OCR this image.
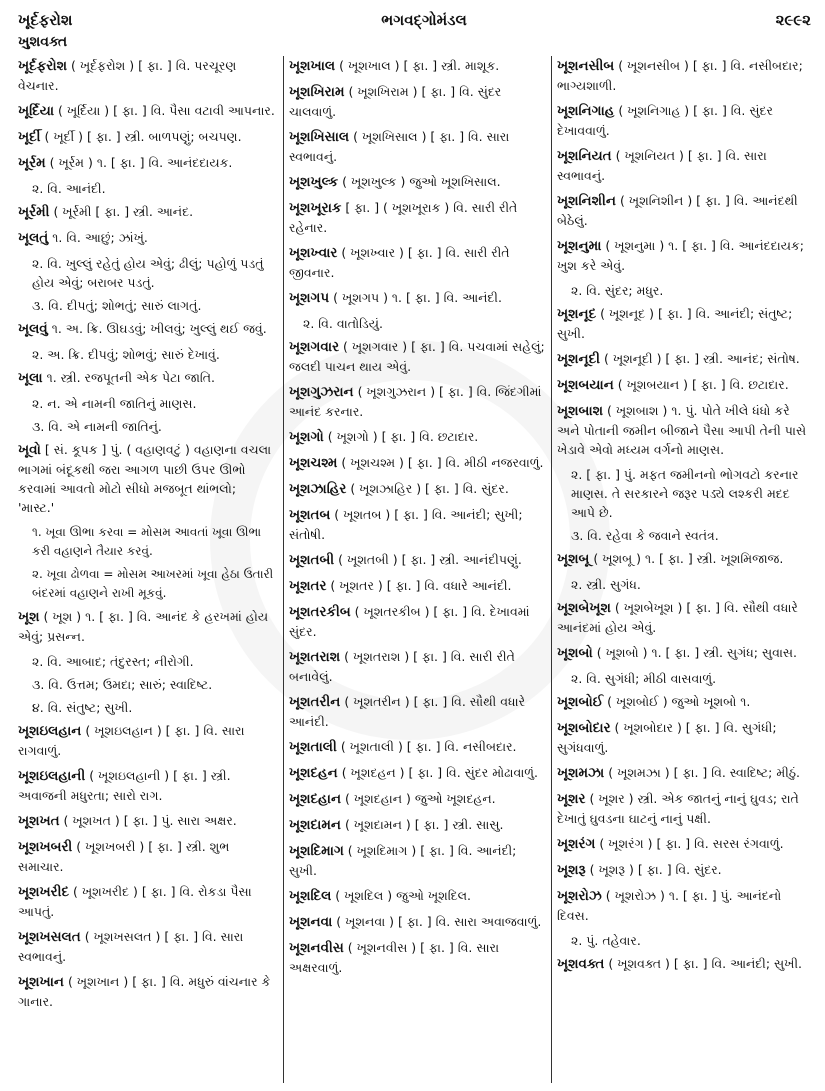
ખૂર્દફરોશ	ભગવદ્ગોમંડલ	૨૯૯૨
ખુશવક્ત
ખૂર્દફરોશ ( ખૂર્દફરોશ ) [ ફા. ] વિ. પરચૂરણ વેચનાર.
ખૂર્દિયા ( ખૂર્દિયા ) [ ફા. ] વિ. પૈસા વટાવી આપનાર.
ખૂર્દી ( ખૂર્દી ) [ ફા. ] સ્ત્રી. બાળપણું; બચપણ.
ખૂર્રમ ( ખૂર્રમ ) ૧. [ ફા. ] વિ. આનંદદાયક.
૨. વિ. આનંદી.
ખૂર્રમી ( ખૂર્રમી [ ફા. ] સ્ત્રી. આનંદ.
ખૂલતું ૧. વિ. આછું; ઝાંખું.
૨. વિ. ખુલ્લું રહેતું હોય એવું; ઢીલું; પહોળું પડતું હોય એવું; બરાબર પડતું.
૩. વિ. દીપતું; શોભતું; સારું લાગતું.
ખૂલવું ૧. અ. ક્રિ. ઊઘડવું; ખીલવું; ખુલ્લું થઈ જવું.
૨. અ. ક્રિ. દીપવું; શોભવું; સારું દેખાવું.
ખૂલા ૧. સ્ત્રી. રજપૂતની એક પેટા જાતિ.
૨. ન. એ નામની જાતિનું માણસ.
૩. વિ. એ નામની જાતિનું.
ખૂવો [ સં. કૂપક ] પું. ( વહાણવટું ) વહાણના વચલા ભાગમાં બંદૂકથી જરા આગળ પાછી ઉપર ઊભો કરવામાં આવતો મોટો સીધો મજબૂત થાંભલો; 'માસ્ટ.'
૧. ખૂવા ઊભા કરવા = મોસમ આવતાં ખૂવા ઊભા કરી વહાણને તૈયાર કરવું.
૨. ખૂવા ઢોળવા = મોસમ આખરમાં ખૂવા હેઠા ઉતારી બંદરમાં વહાણને રાખી મૂકવું.
ખૂશ ( ખૂશ ) ૧. [ ફા. ] વિ. આનંદ કે હરખમાં હોય એવું; પ્રસન્ન.
૨. વિ. આબાદ; તંદુરસ્ત; નીરોગી.
૩. વિ. ઉત્તમ; ઉમદા; સારું; સ્વાદિષ્ટ.
૪. વિ. સંતુષ્ટ; સુખી.
ખૂશઇલહાન ( ખૂશઇલહાન ) [ ફા. ] વિ. સારા રાગવાળું.
ખૂશઇલહાની ( ખૂશઇલહાની ) [ ફા. ] સ્ત્રી. અવાજની મધુરતા; સારો રાગ.
ખૂશખત ( ખૂશખત ) [ ફા. ] પું. સારા અક્ષર.
ખૂશખબરી ( ખૂશખબરી ) [ ફા. ] સ્ત્રી. શુભ સમાચાર.
ખૂશખરીદ ( ખૂશખરીદ ) [ ફા. ] વિ. રોકડા પૈસા આપતું.
ખૂશખસલત ( ખૂશખસલત ) [ ફા. ] વિ. સારા સ્વભાવનું.
ખૂશખાન ( ખૂશખાન ) [ ફા. ] વિ. મધુરું વાંચનાર કે ગાનાર.
ખૂશખાલ ( ખૂશખાલ ) [ ફા. ] સ્ત્રી. માશૂક.
ખૂશખિરામ ( ખૂશખિરામ ) [ ફા. ] વિ. સુંદર ચાલવાળું.
ખૂશખિસાલ ( ખૂશખિસાલ ) [ ફા. ] વિ. સારા સ્વભાવનું.
ખૂશખુલ્ક ( ખૂશખુલ્ક ) જુઓ ખૂશખિસાલ.
ખૂશખૂરાક [ ફા. ] ( ખૂશખૂરાક ) વિ. સારી રીતે રહેનાર.
ખૂશખ્વાર ( ખૂશખ્વાર ) [ ફા. ] વિ. સારી રીતે જીવનાર.
ખૂશગપ ( ખૂશગપ ) ૧. [ ફા. ] વિ. આનંદી.
૨. વિ. વાતોડિયું.
ખૂશગવાર ( ખૂશગવાર ) [ ફા. ] વિ. પચવામાં સહેલું; જલદી પાચન થાય એવું.
ખૂશગુઝરાન ( ખૂશગુઝરાન ) [ ફા. ] વિ. જિંદગીમાં આનંદ કરનાર.
ખૂશગો ( ખૂશગો ) [ ફા. ] વિ. છટાદાર.
ખૂશચશ્મ ( ખૂશચશ્મ ) [ ફા. ] વિ. મીઠી નજરવાળું.
ખૂશઝાહિર ( ખૂશઝાહિર ) [ ફા. ] વિ. સુંદર.
ખૂશતબ ( ખૂશતબ ) [ ફા. ] વિ. આનંદી; સુખી; સંતોષી.
ખૂશતબી ( ખૂશતબી ) [ ફા. ] સ્ત્રી. આનંદીપણું.
ખૂશતર ( ખૂશતર ) [ ફા. ] વિ. વધારે આનંદી.
ખૂશતરકીબ ( ખૂશતરકીબ ) [ ફા. ] વિ. દેખાવમાં સુંદર.
ખૂશતરાશ ( ખૂશતરાશ ) [ ફા. ] વિ. સારી રીતે બનાવેલું.
ખૂશતરીન ( ખૂશતરીન ) [ ફા. ] વિ. સૌથી વધારે આનંદી.
ખૂશતાલી ( ખૂશતાલી ) [ ફા. ] વિ. નસીબદાર.
ખૂશદહન ( ખૂશદહન ) [ ફા. ] વિ. સુંદર મોઢાવાળું.
ખૂશદહાન ( ખૂશદહાન ) જુઓ ખૂશદહન.
ખૂશદામન ( ખૂશદામન ) [ ફા. ] સ્ત્રી. સાસુ.
ખૂશદિમાગ ( ખૂશદિમાગ ) [ ફા. ] વિ. આનંદી; સુખી.
ખૂશદિલ ( ખૂશદિલ ) જુઓ ખૂશદિલ.
ખૂશનવા ( ખૂશનવા ) [ ફા. ] વિ. સારા અવાજવાળું.
ખૂશનવીસ ( ખૂશનવીસ ) [ ફા. ] વિ. સારા અક્ષરવાળું.
ખૂશનસીબ ( ખૂશનસીબ ) [ ફા. ] વિ. નસીબદાર; ભાગ્યશાળી.
ખૂશનિગાહ ( ખૂશનિગાહ ) [ ફા. ] વિ. સુંદર દેખાવવાળું.
ખૂશનિયત ( ખૂશનિયત ) [ ફા. ] વિ. સારા સ્વભાવનું.
ખૂશનિશીન ( ખૂશનિશીન ) [ ફા. ] વિ. આનંદથી બેઠેલું.
ખૂશનુમા ( ખૂશનુમા ) ૧. [ ફા. ] વિ. આનંદદાયક; ખુશ કરે એવું.
૨. વિ. સુંદર; મધુર.
ખૂશનૂદ ( ખૂશનૂદ ) [ ફા. ] વિ. આનંદી; સંતુષ્ટ; સુખી.
ખૂશનૂદી ( ખૂશનૂદી ) [ ફા. ] સ્ત્રી. આનંદ; સંતોષ.
ખૂશબયાન ( ખૂશબયાન ) [ ફા. ] વિ. છટાદાર.
ખૂશબાશ ( ખૂશબાશ ) ૧. પું. પોતે ખીલે ધંધો કરે અને પોતાની જમીન બીજાને પૈસા આપી તેની પાસે ખેડાવે એવો મધ્યમ વર્ગનો માણસ.
૨. [ ફા. ] પું. મફત જમીનનો ભોગવટો કરનાર માણસ. તે સરકારને જરૂર પડ્યે લશ્કરી મદદ આપે છે.
૩. વિ. રહેવા કે જવાને સ્વતંત્ર.
ખૂશબૂ ( ખૂશબૂ ) ૧. [ ફા. ] સ્ત્રી. ખૂશમિજાજ.
૨. સ્ત્રી. સુગંધ.
ખૂશબેખૂશ ( ખૂશબેખૂશ ) [ ફા. ] વિ. સૌથી વધારે આનંદમાં હોય એવું.
ખૂશબો ( ખૂશબો ) ૧. [ ફા. ] સ્ત્રી. સુગંધ; સુવાસ.
૨. વિ. સુગંધી; મીઠી વાસવાળું.
ખૂશબોઈ ( ખૂશબોઈ ) જુઓ ખૂશબો ૧.
ખૂશબોદાર ( ખૂશબોદાર ) [ ફા. ] વિ. સુગંધી; સુગંધવાળું.
ખૂશમઝા ( ખૂશમઝા ) [ ફા. ] વિ. સ્વાદિષ્ટ; મીઠું.
ખૂશર ( ખૂશર ) સ્ત્રી. એક જાતનું નાનું ઘુવડ; રાતે દેખાતું ઘુવડના ઘાટનું નાનું પક્ષી.
ખૂશરંગ ( ખૂશરંગ ) [ ફા. ] વિ. સરસ રંગવાળું.
ખૂશરૂ ( ખૂશરૂ ) [ ફા. ] વિ. સુંદર.
ખૂશરોઝ ( ખૂશરોઝ ) ૧. [ ફા. ] પું. આનંદનો દિવસ.
૨. પું. તહેવાર.
ખૂશવક્ત ( ખૂશવક્ત ) [ ફા. ] વિ. આનંદી; સુખી.
